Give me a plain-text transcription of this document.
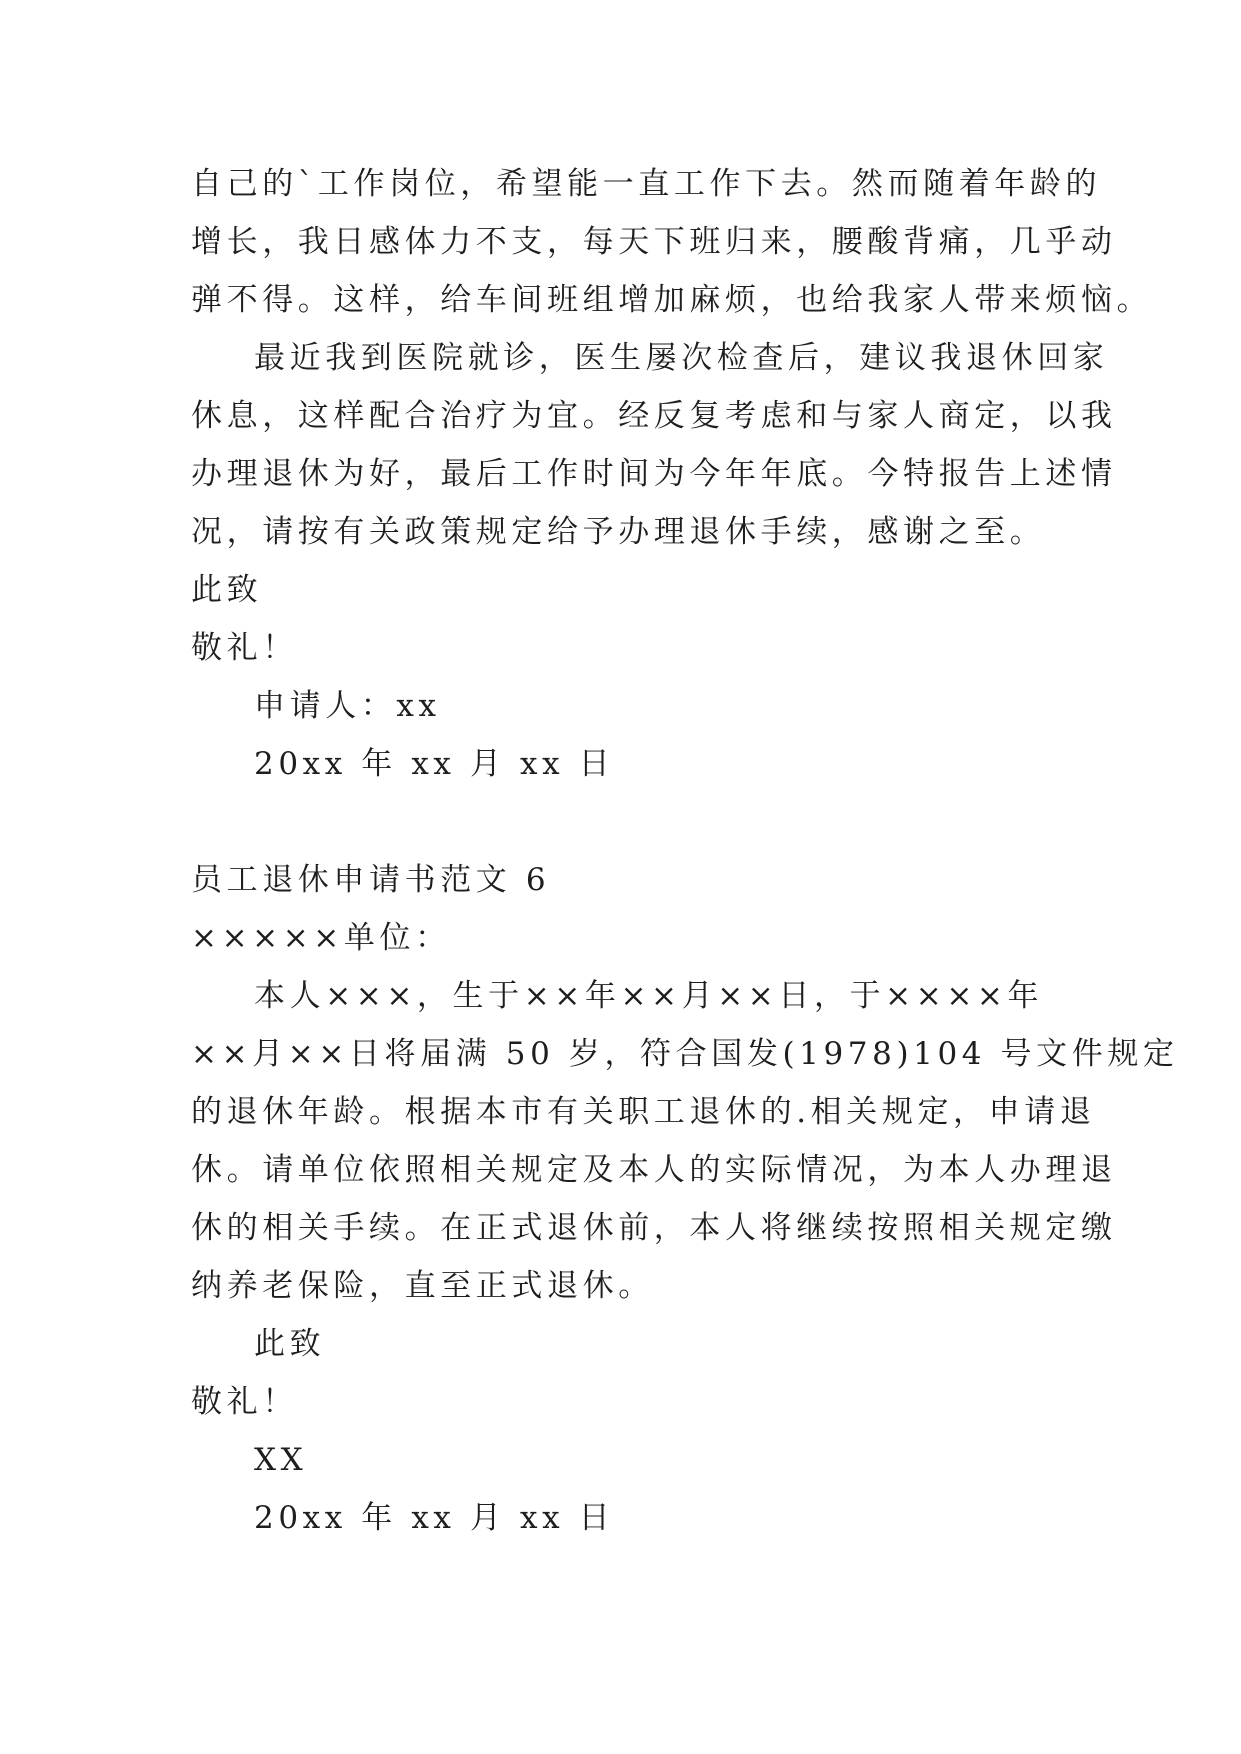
自己的`工作岗位，希望能一直工作下去。然而随着年龄的
增长，我日感体力不支，每天下班归来，腰酸背痛，几乎动
弹不得。这样，给车间班组增加麻烦，也给我家人带来烦恼。
最近我到医院就诊，医生屡次检查后，建议我退休回家
休息，这样配合治疗为宜。经反复考虑和与家人商定，以我
办理退休为好，最后工作时间为今年年底。今特报告上述情
况，请按有关政策规定给予办理退休手续，感谢之至。
此致
敬礼！
申请人：xx
20xx 年 xx 月 xx 日
员工退休申请书范文 6
×××××单位：
本人×××，生于××年××月××日，于××××年
××月××日将届满 50 岁，符合国发(1978)104 号文件规定
的退休年龄。根据本市有关职工退休的.相关规定，申请退
休。请单位依照相关规定及本人的实际情况，为本人办理退
休的相关手续。在正式退休前，本人将继续按照相关规定缴
纳养老保险，直至正式退休。
此致
敬礼！
XX
20xx 年 xx 月 xx 日
